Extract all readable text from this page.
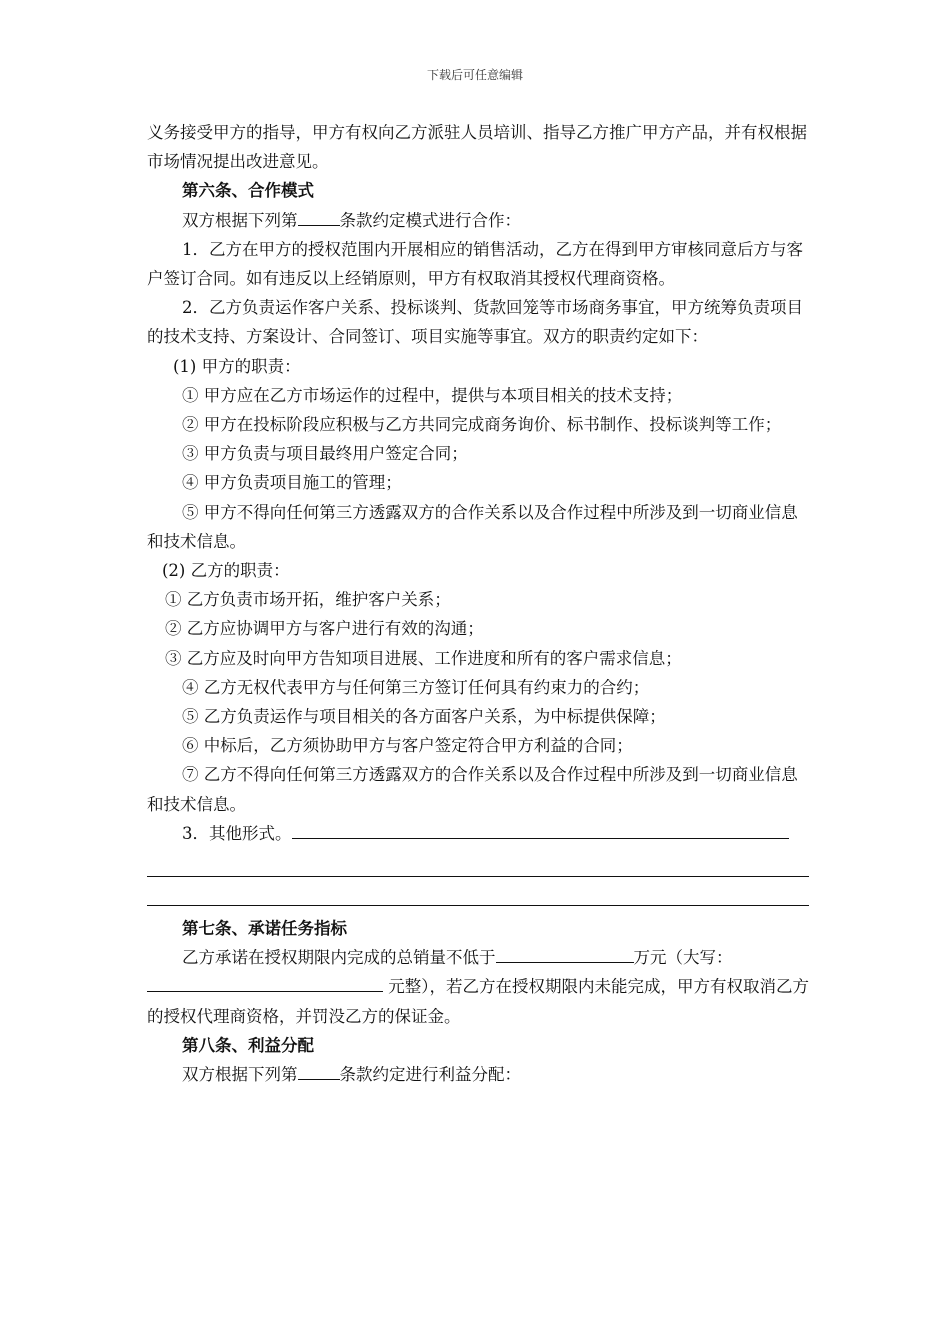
下载后可任意编辑

义务接受甲方的指导，甲方有权向乙方派驻人员培训、指导乙方推广甲方产品，并有权根据市场情况提出改进意见。

第六条、合作模式

双方根据下列第	条款约定模式进行合作：

1．乙方在甲方的授权范围内开展相应的销售活动，乙方在得到甲方审核同意后方与客户签订合同。如有违反以上经销原则，甲方有权取消其授权代理商资格。

2．乙方负责运作客户关系、投标谈判、货款回笼等市场商务事宜，甲方统筹负责项目的技术支持、方案设计、合同签订、项目实施等事宜。双方的职责约定如下：

(1) 甲方的职责：

① 甲方应在乙方市场运作的过程中，提供与本项目相关的技术支持；

② 甲方在投标阶段应积极与乙方共同完成商务询价、标书制作、投标谈判等工作；

③ 甲方负责与项目最终用户签定合同；

④ 甲方负责项目施工的管理；

⑤ 甲方不得向任何第三方透露双方的合作关系以及合作过程中所涉及到一切商业信息和技术信息。

(2) 乙方的职责：

① 乙方负责市场开拓，维护客户关系；

② 乙方应协调甲方与客户进行有效的沟通；

③ 乙方应及时向甲方告知项目进展、工作进度和所有的客户需求信息；

④ 乙方无权代表甲方与任何第三方签订任何具有约束力的合约；

⑤ 乙方负责运作与项目相关的各方面客户关系，为中标提供保障；

⑥ 中标后，乙方须协助甲方与客户签定符合甲方利益的合同；

⑦ 乙方不得向任何第三方透露双方的合作关系以及合作过程中所涉及到一切商业信息和技术信息。

3．其他形式。

第七条、承诺任务指标

乙方承诺在授权期限内完成的总销量不低于	万元（大写： 元整），若乙方在授权期限内未能完成，甲方有权取消乙方的授权代理商资格，并罚没乙方的保证金。

第八条、利益分配

双方根据下列第	条款约定进行利益分配：
